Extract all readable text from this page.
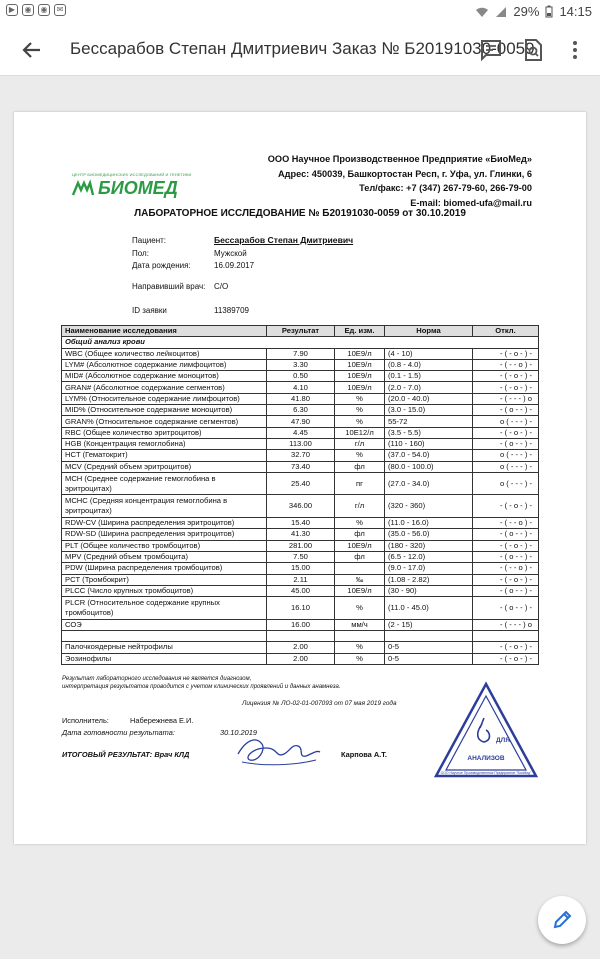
▶	◉	◉	✉	29% 14:15
Бессарабов Степан Дмитриевич Заказ № Б20191030-0059
ЦЕНТР БИОМЕДИЦИНСКИХ ИССЛЕДОВАНИЙ И ГЕНЕТИКИ
БИОМЕД
ООО Научное Производственное Предприятие «БиоМед»
Адрес: 450039, Башкортостан Респ, г. Уфа, ул. Глинки, 6
Тел/факс: +7 (347) 267-79-60, 266-79-00
E-mail: biomed-ufa@mail.ru
ЛАБОРАТОРНОЕ ИССЛЕДОВАНИЕ № Б20191030-0059 от 30.10.2019
Пациент:	Бессарабов Степан Дмитриевич
Пол:	Мужской
Дата рождения:	16.09.2017
Направивший врач: С/О
ID заявки	11389709
Наименование исследования	Результат	Ед. изм.	Норма	Откл.
Общий анализ крови				
WBC (Общее количество лейкоцитов)	7.90	10E9/л	(4 - 10)	- ( - o - ) -
LYM# (Абсолютное содержание лимфоцитов)	3.30	10E9/л	(0.8 - 4.0)	- ( - - o ) -
MID# (Абсолютное содержание моноцитов)	0.50	10E9/л	(0.1 - 1.5)	- ( - o - ) -
GRAN# (Абсолютное содержание сегментов)	4.10	10E9/л	(2.0 - 7.0)	- ( - o - ) -
LYM% (Относительное содержание лимфоцитов)	41.80	%	(20.0 - 40.0)	- ( - - - ) o
MID% (Относительное содержание моноцитов)	6.30	%	(3.0 - 15.0)	- ( o - - ) -
GRAN% (Относительное содержание сегментов)	47.90	%	55-72	o ( - - - ) -
RBC (Общее количество эритроцитов)	4.45	10E12/л	(3.5 - 5.5)	- ( - o - ) -
HGB (Концентрация гемоглобина)	113.00	г/л	(110 - 160)	- ( o - - ) -
HCT (Гематокрит)	32.70	%	(37.0 - 54.0)	o ( - - - ) -
MCV (Средний объем эритроцитов)	73.40	фл	(80.0 - 100.0)	o ( - - - ) -
MCH (Среднее содержание гемоглобина в эритроцитах)	25.40	пг	(27.0 - 34.0)	o ( - - - ) -
MCHC (Средняя концентрация гемоглобина в эритроцитах)	346.00	г/л	(320 - 360)	- ( - o - ) -
RDW-CV (Ширина распределения эритроцитов)	15.40	%	(11.0 - 16.0)	- ( - - o ) -
RDW-SD (Ширина распределения эритроцитов)	41.30	фл	(35.0 - 56.0)	- ( o - - ) -
PLT (Общее количество тромбоцитов)	281.00	10E9/л	(180 - 320)	- ( - o - ) -
MPV (Средний объем тромбоцита)	7.50	фл	(6.5 - 12.0)	- ( o - - ) -
PDW (Ширина распределения тромбоцитов)	15.00		(9.0 - 17.0)	- ( - - o ) -
PCT (Тромбокрит)	2.11	‰	(1.08 - 2.82)	- ( - o - ) -
PLCC (Число крупных тромбоцитов)	45.00	10E9/л	(30 - 90)	- ( o - - ) -
PLCR (Относительное содержание крупных тромбоцитов)	16.10	%	(11.0 - 45.0)	- ( o - - ) -
СОЭ	16.00	мм/ч	(2 - 15)	- ( - - - ) o

Палочкоядерные нейтрофилы	2.00	%	0-5	- ( - o - ) -
Эозинофилы	2.00	%	0-5	- ( - o - ) -
Результат лабораторного исследования не является диагнозом,
интерпретация результатов проводится с учетом клинических проявлений и данных анамнеза.
Лицензия № ЛО-02-01-007093 от 07 мая 2019 года
Исполнитель:	Набережнева Е.И.
Дата готовности результата:	30.10.2019
ИТОГОВЫЙ РЕЗУЛЬТАТ: Врач КЛД	Карпова А.Т.
ДЛЯ
АНАЛИЗОВ
ООО Научное Производственное Предприятие "БиоМед"
